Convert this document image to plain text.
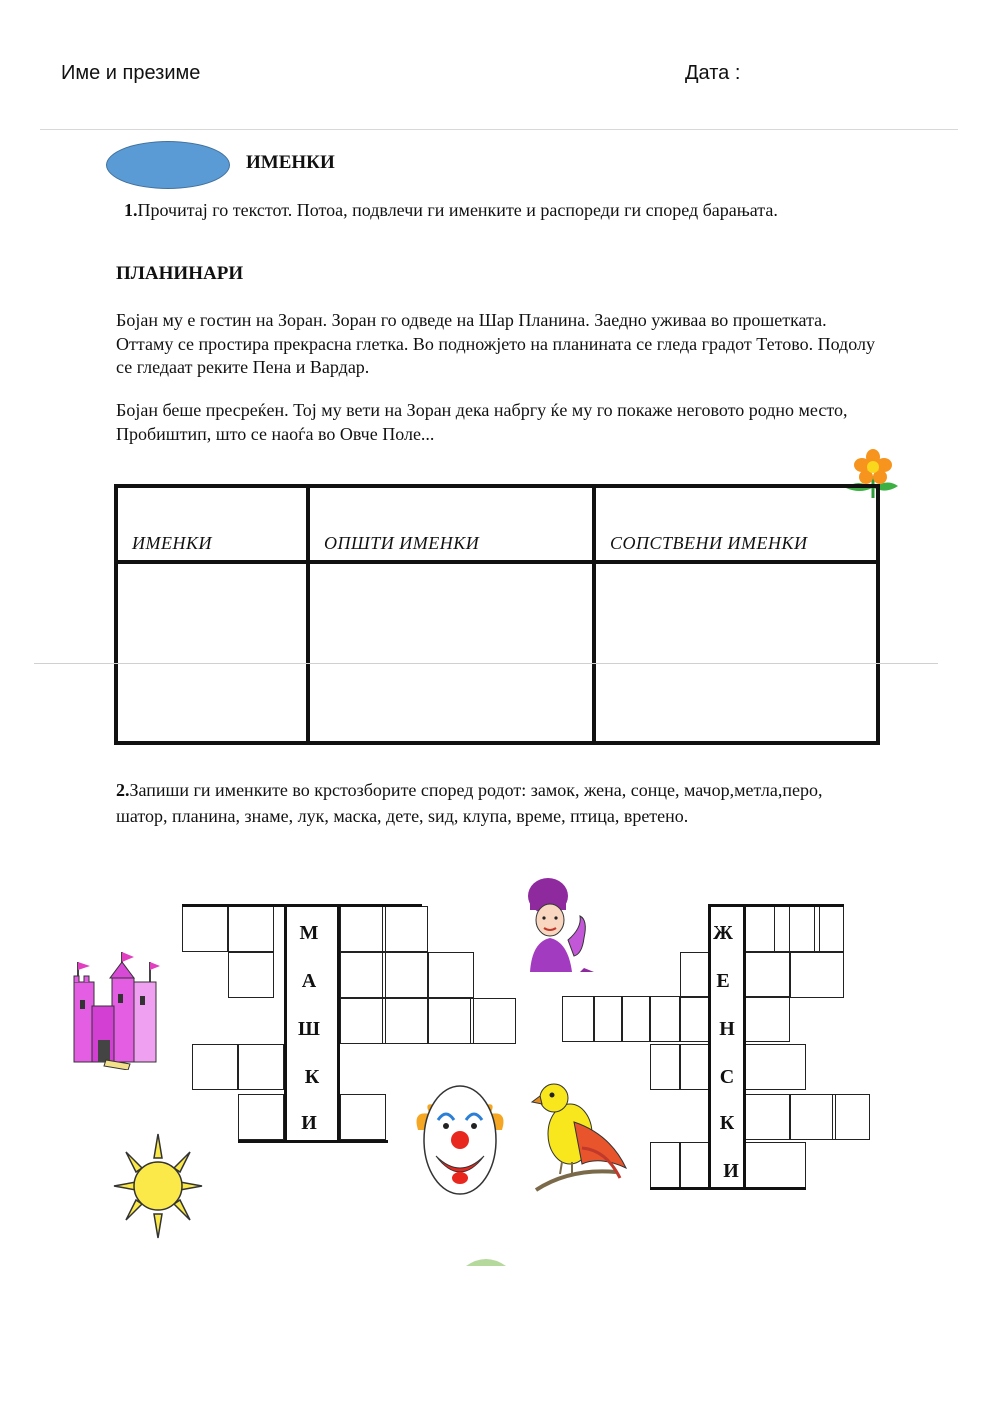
Име и презиме	Дата :
ИМЕНКИ
1.Прочитај го текстот. Потоа, подвлечи ги именките и распореди ги според барањата.
ПЛАНИНАРИ
Бојан му е гостин на Зоран. Зоран го одведе на Шар Планина. Заедно уживаа во прошетката. Оттаму се простира прекрасна глетка. Во подножјето на планината се гледа градот Тетово. Подолу се гледаат реките Пена и Вардар.
Бојан беше пресреќен. Тој му вети на Зоран дека набргу ќе му го покаже неговото родно место, Пробиштип, што се наоѓа во Овче Поле...
ИМЕНКИ	ОПШТИ ИМЕНКИ	СОПСТВЕНИ ИМЕНКИ

2.Запиши ги именките во крстозборите според родот: замок, жена, сонце, мачор,метла,перо, шатор, планина, знаме, лук, маска, дете, ѕид, клупа, време, птица, вретено.
М
А
Ш
К
И
Ж
Е
Н
С
К
И
